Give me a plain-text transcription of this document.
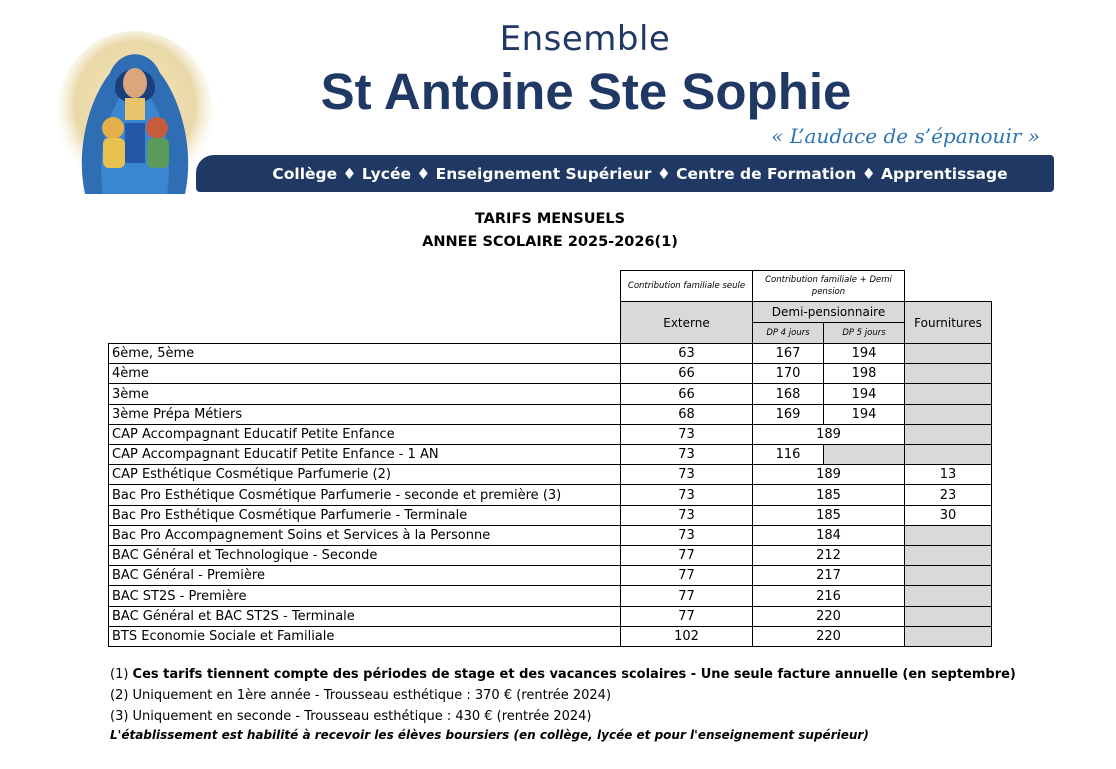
Ensemble
St Antoine Ste Sophie
« L’audace de s’épanouir »
Collège ♦ Lycée ♦ Enseignement Supérieur ♦ Centre de Formation ♦ Apprentissage
TARIFS MENSUELS
ANNEE SCOLAIRE 2025-2026(1)
Contribution familiale seule
Contribution familiale + Demi pension
Externe
Demi-pensionnaire
DP 4 jours	DP 5 jours
Fournitures
6ème, 5ème	63	167	194
4ème	66	170	198
3ème	66	168	194
3ème Prépa Métiers	68	169	194
CAP Accompagnant Educatif Petite Enfance	73	189
CAP Accompagnant Educatif Petite Enfance - 1 AN	73	116
CAP Esthétique Cosmétique Parfumerie (2)	73	189	13
Bac Pro Esthétique Cosmétique Parfumerie - seconde et première (3)	73	185	23
Bac Pro Esthétique Cosmétique Parfumerie - Terminale	73	185	30
Bac Pro Accompagnement Soins et Services à la Personne	73	184
BAC Général et Technologique - Seconde	77	212
BAC Général - Première	77	217
BAC ST2S - Première	77	216
BAC Général et BAC ST2S - Terminale	77	220
BTS Economie Sociale et Familiale	102	220
(1) Ces tarifs tiennent compte des périodes de stage et des vacances scolaires - Une seule facture annuelle (en septembre)
(2) Uniquement en 1ère année - Trousseau esthétique : 370 € (rentrée 2024)
(3) Uniquement en seconde - Trousseau esthétique : 430 € (rentrée 2024)
L'établissement est habilité à recevoir les élèves boursiers (en collège, lycée et pour l'enseignement supérieur)
